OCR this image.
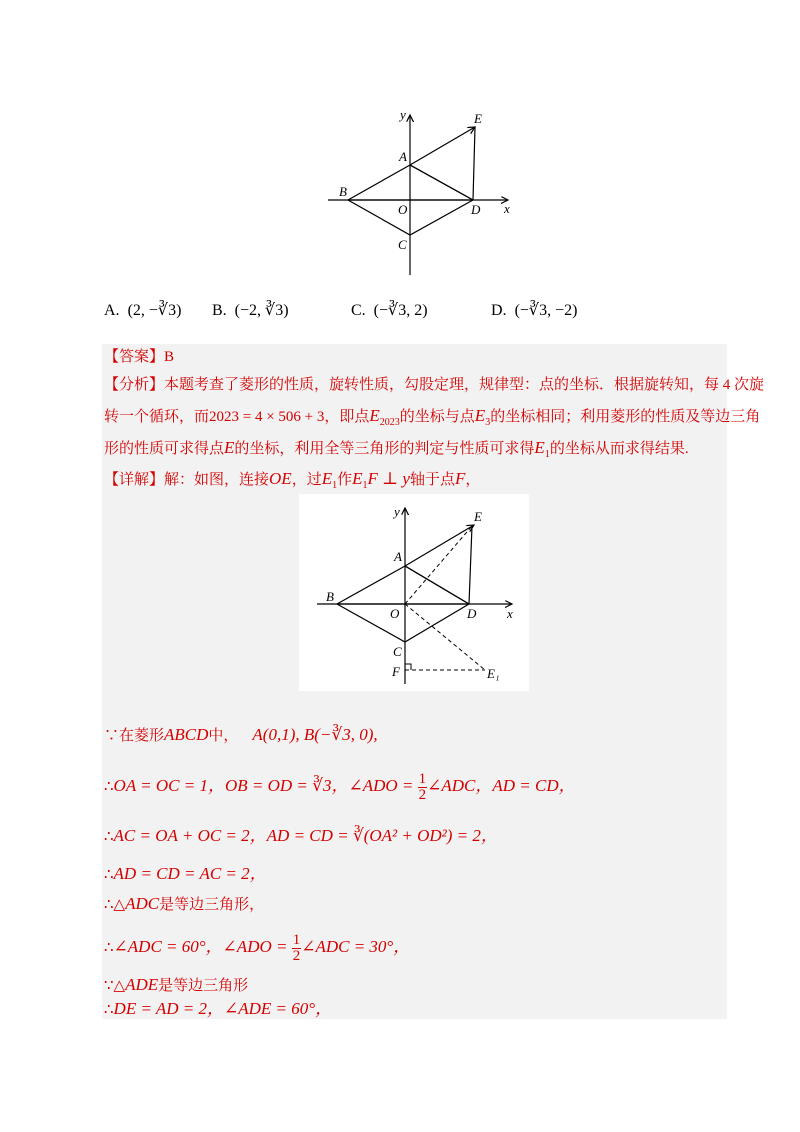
y
x
A
B
C
D
E
O
A. (2, −∛3) B. (−2, ∛3)	C. (−∛3, 2)	D. (−∛3, −2)
【答案】B
【分析】本题考查了菱形的性质，旋转性质，勾股定理，规律型：点的坐标．根据旋转知，每 4 次旋
转一个循环，而2023 = 4 × 506 + 3，即点$E_{2023}$的坐标与点$E_3$的坐标相同；利用菱形的性质及等边三角
形的性质可求得点E的坐标，利用全等三角形的判定与性质可求得$E_1$的坐标从而求得结果.
【详解】解：如图，连接OE，过$E_1$作$E_1F$ ⊥ y轴于点F，
y
x
A
B
C
D
E
O
F	E₁
∵在菱形ABCD中， A(0,1), B(−∛3, 0),
∴OA = OC = 1，OB = OD = ∛3，∠ADO = $\frac{1}{2}$ ∠ADC，AD = CD，
∴AC = OA + OC = 2，AD = CD = ∛(OA² + OD²) = 2，
∴AD = CD = AC = 2，
∴△ADC是等边三角形，
∴∠ADC = 60°，∠ADO = $\frac{1}{2}$ ∠ADC = 30°，
∵△ADE是等边三角形
∴DE = AD = 2，∠ADE = 60°，
